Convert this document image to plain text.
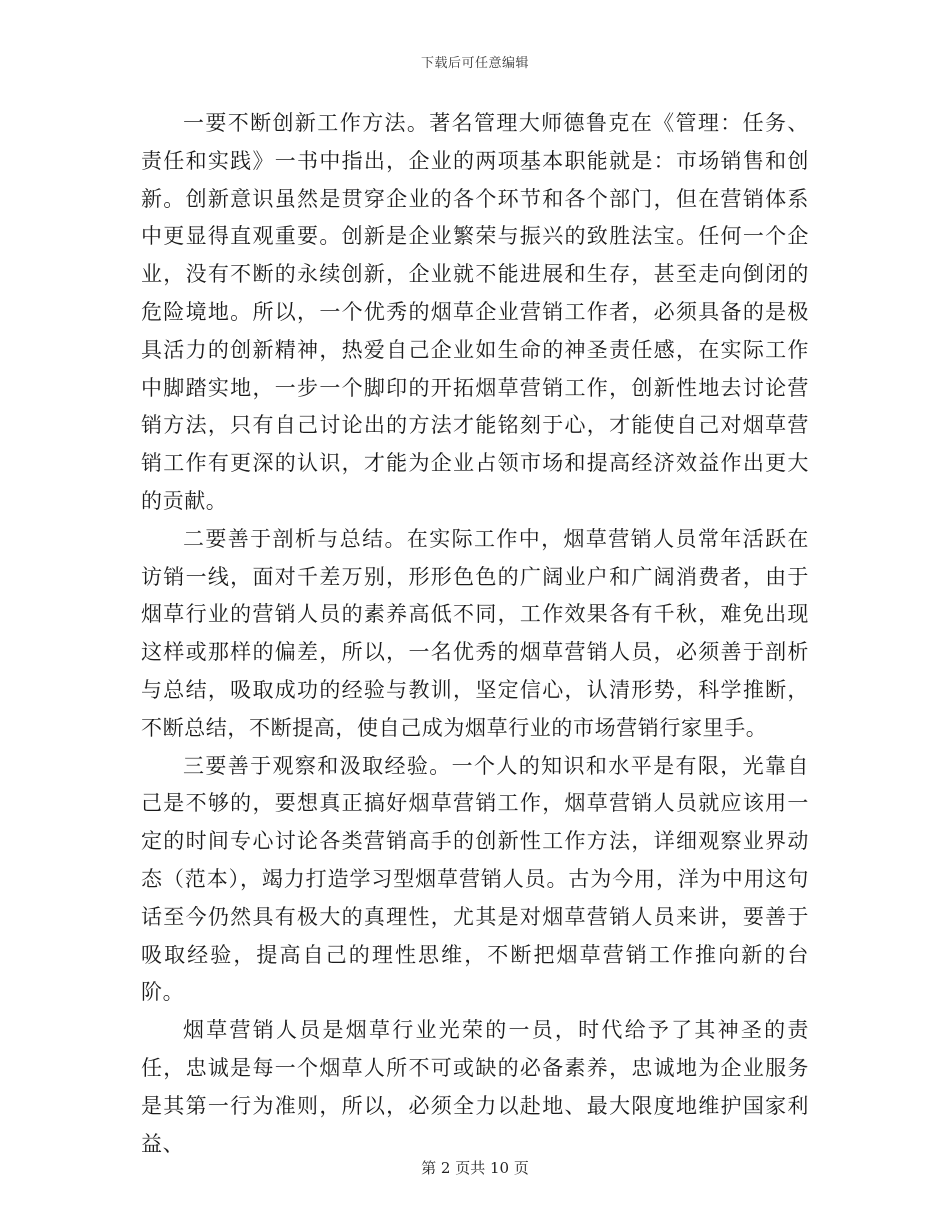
下载后可任意编辑

一要不断创新工作方法。著名管理大师德鲁克在《管理：任务、责任和实践》一书中指出，企业的两项基本职能就是：市场销售和创新。创新意识虽然是贯穿企业的各个环节和各个部门，但在营销体系中更显得直观重要。创新是企业繁荣与振兴的致胜法宝。任何一个企业，没有不断的永续创新，企业就不能进展和生存，甚至走向倒闭的危险境地。所以，一个优秀的烟草企业营销工作者，必须具备的是极具活力的创新精神，热爱自己企业如生命的神圣责任感，在实际工作中脚踏实地，一步一个脚印的开拓烟草营销工作，创新性地去讨论营销方法，只有自己讨论出的方法才能铭刻于心，才能使自己对烟草营销工作有更深的认识，才能为企业占领市场和提高经济效益作出更大的贡献。

二要善于剖析与总结。在实际工作中，烟草营销人员常年活跃在访销一线，面对千差万别，形形色色的广阔业户和广阔消费者，由于烟草行业的营销人员的素养高低不同，工作效果各有千秋，难免出现这样或那样的偏差，所以，一名优秀的烟草营销人员，必须善于剖析与总结，吸取成功的经验与教训，坚定信心，认清形势，科学推断，不断总结，不断提高，使自己成为烟草行业的市场营销行家里手。

三要善于观察和汲取经验。一个人的知识和水平是有限，光靠自己是不够的，要想真正搞好烟草营销工作，烟草营销人员就应该用一定的时间专心讨论各类营销高手的创新性工作方法，详细观察业界动态（范本），竭力打造学习型烟草营销人员。古为今用，洋为中用这句话至今仍然具有极大的真理性，尤其是对烟草营销人员来讲，要善于吸取经验，提高自己的理性思维，不断把烟草营销工作推向新的台阶。

烟草营销人员是烟草行业光荣的一员，时代给予了其神圣的责任，忠诚是每一个烟草人所不可或缺的必备素养，忠诚地为企业服务是其第一行为准则，所以，必须全力以赴地、最大限度地维护国家利益、

第 2 页共 10 页
